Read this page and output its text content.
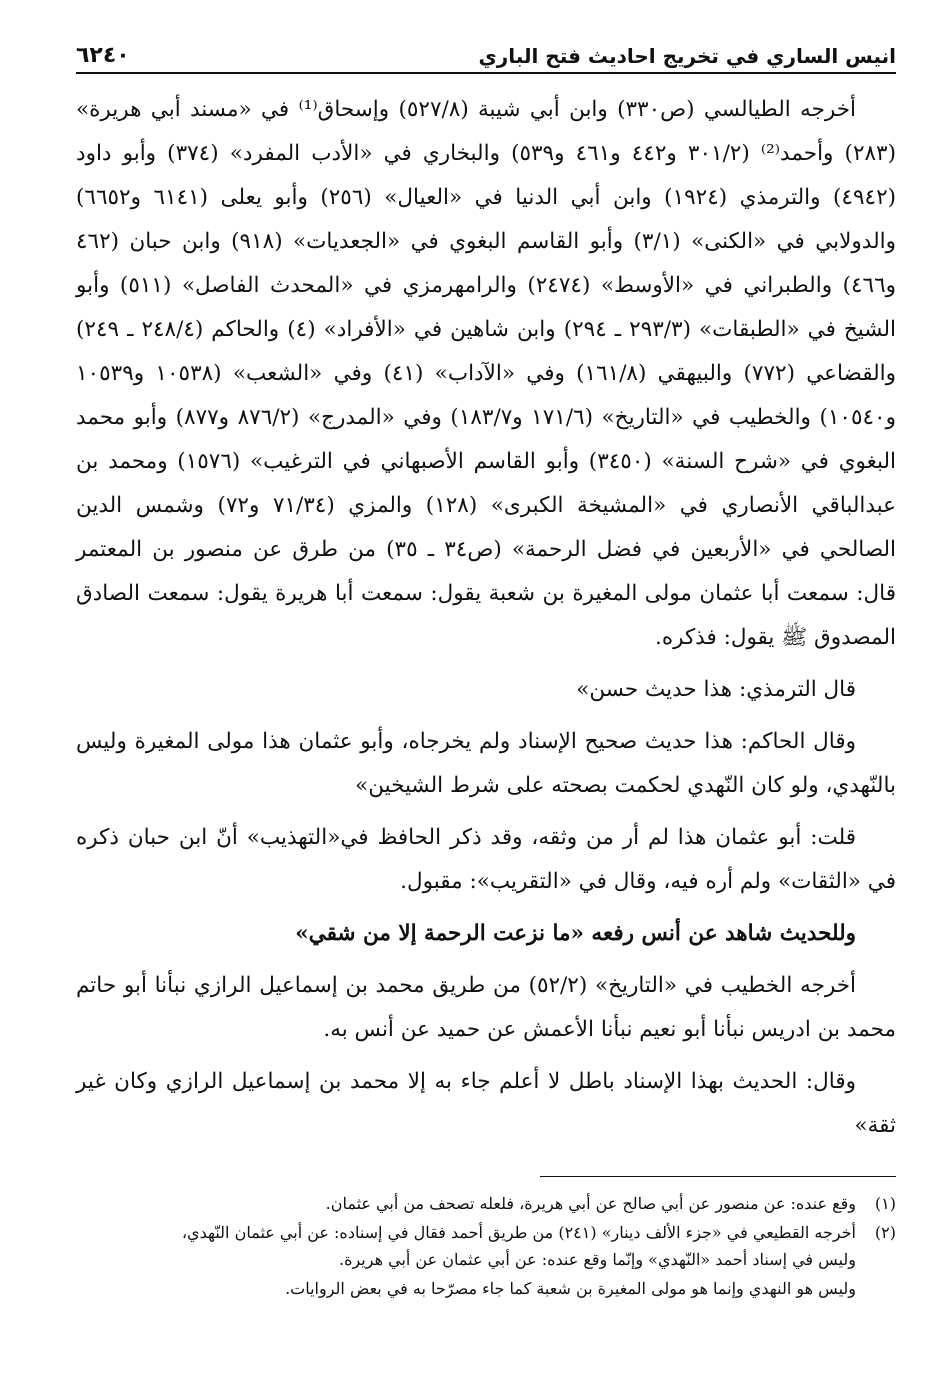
انيس الساري في تخريج احاديث فتح الباري
٦٢٤٠

أخرجه الطيالسي (ص٣٣٠) وابن أبي شيبة (٥٢٧/٨) وإسحاق⁽¹⁾ في «مسند أبي هريرة» (٢٨٣) وأحمد⁽²⁾ (٣٠١/٢ و٤٤٢ و٤٦١ و٥٣٩) والبخاري في «الأدب المفرد» (٣٧٤) وأبو داود (٤٩٤٢) والترمذي (١٩٢٤) وابن أبي الدنيا في «العيال» (٢٥٦) وأبو يعلى (٦١٤١ و٦٦٥٢) والدولابي في «الكنى» (٣/١) وأبو القاسم البغوي في «الجعديات» (٩١٨) وابن حبان (٤٦٢ و٤٦٦) والطبراني في «الأوسط» (٢٤٧٤) والرامهرمزي في «المحدث الفاصل» (٥١١) وأبو الشيخ في «الطبقات» (٢٩٣/٣ ـ ٢٩٤) وابن شاهين في «الأفراد» (٤) والحاكم (٢٤٨/٤ ـ ٢٤٩) والقضاعي (٧٧٢) والبيهقي (١٦١/٨) وفي «الآداب» (٤١) وفي «الشعب» (١٠٥٣٨ و١٠٥٣٩ و١٠٥٤٠) والخطيب في «التاريخ» (١٧١/٦ و١٨٣/٧) وفي «المدرج» (٨٧٦/٢ و٨٧٧) وأبو محمد البغوي في «شرح السنة» (٣٤٥٠) وأبو القاسم الأصبهاني في الترغيب» (١٥٧٦) ومحمد بن عبدالباقي الأنصاري في «المشيخة الكبرى» (١٢٨) والمزي (٧١/٣٤ و٧٢) وشمس الدين الصالحي في «الأربعين في فضل الرحمة» (ص٣٤ ـ ٣٥) من طرق عن منصور بن المعتمر قال: سمعت أبا عثمان مولى المغيرة بن شعبة يقول: سمعت أبا هريرة يقول: سمعت الصادق المصدوق ﷺ يقول: فذكره.

قال الترمذي: هذا حديث حسن»

وقال الحاكم: هذا حديث صحيح الإسناد ولم يخرجاه، وأبو عثمان هذا مولى المغيرة وليس بالنّهدي، ولو كان النّهدي لحكمت بصحته على شرط الشيخين»

قلت: أبو عثمان هذا لم أر من وثقه، وقد ذكر الحافظ في«التهذيب» أنّ ابن حبان ذكره في «الثقات» ولم أره فيه، وقال في «التقريب»: مقبول.

وللحديث شاهد عن أنس رفعه «ما نزعت الرحمة إلا من شقي»

أخرجه الخطيب في «التاريخ» (٥٢/٢) من طريق محمد بن إسماعيل الرازي نبأنا أبو حاتم محمد بن ادريس نبأنا أبو نعيم نبأنا الأعمش عن حميد عن أنس به.

وقال: الحديث بهذا الإسناد باطل لا أعلم جاء به إلا محمد بن إسماعيل الرازي وكان غير ثقة»

(١)
وقع عنده: عن منصور عن أبي صالح عن أبي هريرة، فلعله تصحف من أبي عثمان.
(٢)
أخرجه القطيعي في «جزء الألف دينار» (٢٤١) من طريق أحمد فقال في إسناده: عن أبي عثمان النّهدي،
وليس في إسناد أحمد «النّهدي» وإنّما وقع عنده: عن أبي عثمان عن أبي هريرة.
وليس هو النهدي وإنما هو مولى المغيرة بن شعبة كما جاء مصرّحا به في بعض الروايات.
